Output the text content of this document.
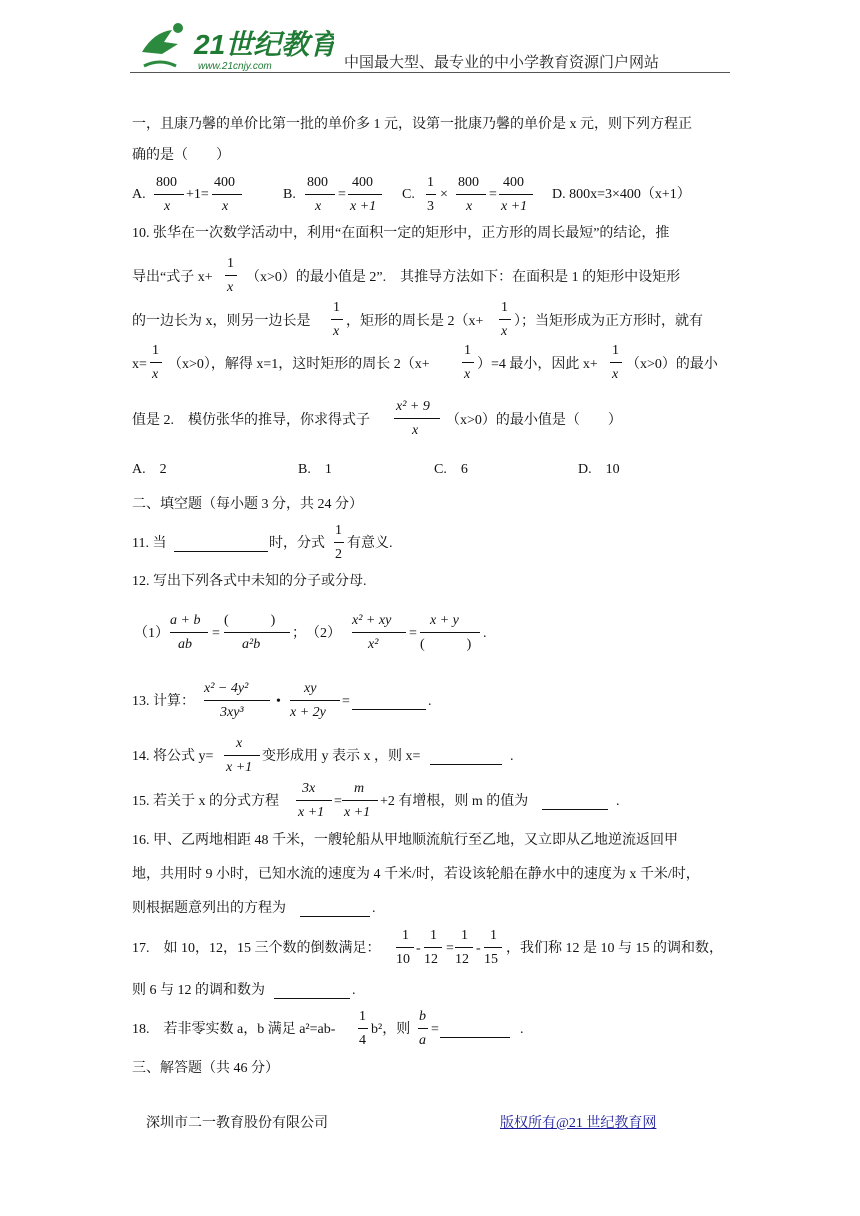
21世纪教育
www.21cnjy.com	中国最大型、最专业的中小学教育资源门户网站
一，且康乃馨的单价比第一批的单价多 1 元，设第一批康乃馨的单价是 x 元，则下列方程正
确的是（　　）
A.
800
x
+1=
400
x
B.
800
x
=
400
x +1
C.
1
3
×
800
x
=
400
x +1
D. 800x=3×400（x+1）
10. 张华在一次数学活动中，利用“在面积一定的矩形中，正方形的周长最短”的结论，推
导出“式子 x+
1
x
（x>0）的最小值是 2”.　其推导方法如下：在面积是 1 的矩形中设矩形
的一边长为 x，则另一边长是
1
x
，矩形的周长是 2（x+
1
x
）；当矩形成为正方形时，就有
x=
1
x
（x>0），解得 x=1，这时矩形的周长 2（x+
1
x
）=4 最小，因此 x+
1
x
（x>0）的最小
值是 2.　模仿张华的推导，你求得式子
x² + 9
x
（x>0）的最小值是（　　）
A.　2	B.　1	C.　6	D.　10
二、填空题（每小题 3 分，共 24 分）
11. 当	时，分式
1
2
有意义.
12. 写出下列各式中未知的分子或分母.
（1）
a + b
ab
=
(　　　)
a²b
；　（2）
x² + xy
x²
=
x + y
(　　　)
.
13. 计算：
x² − 4y²
3xy³
•
xy
x + 2y
=	.
14. 将公式 y=
x
x +1
变形成用 y 表示 x ，则 x=	.
15. 若关于 x 的分式方程
3x
x +1
=
m
x +1
+2 有增根，则 m 的值为	.
16. 甲、乙两地相距 48 千米，一艘轮船从甲地顺流航行至乙地，又立即从乙地逆流返回甲
地，共用时 9 小时，已知水流的速度为 4 千米/时，若设该轮船在静水中的速度为 x 千米/时，
则根据题意列出的方程为	.
17.　如 10，12，15 三个数的倒数满足：
1
10
-
1
12
=
1
12
-
1
15
，我们称 12 是 10 与 15 的调和数，
则 6 与 12 的调和数为	.
18.　若非零实数 a，b 满足 a²=ab-
1
4
b²，则
b
a
=	.
三、解答题（共 46 分）
深圳市二一教育股份有限公司	版权所有@21 世纪教育网
